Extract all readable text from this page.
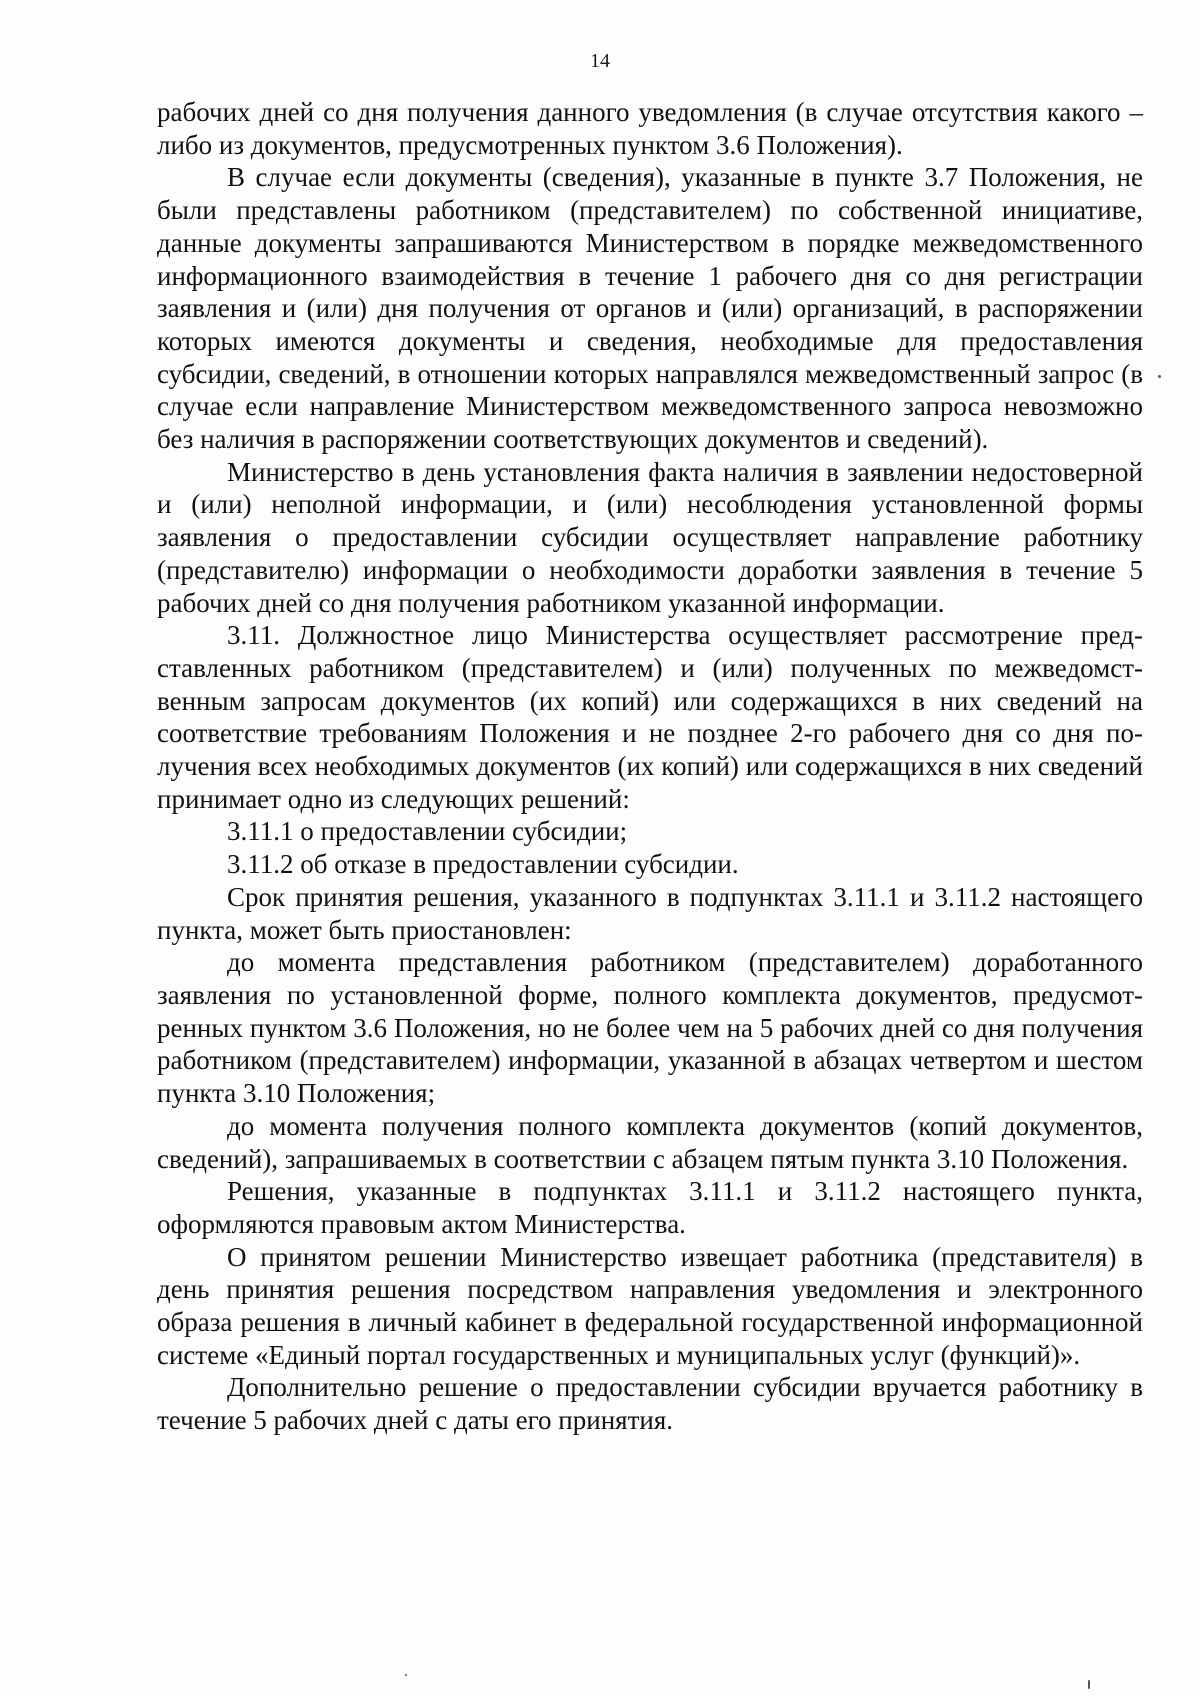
14

рабочих дней со дня получения данного уведомления (в случае отсутствия какого – либо из документов, предусмотренных пунктом 3.6 Положения).

В случае если документы (сведения), указанные в пункте 3.7 Положения, не были представлены работником (представителем) по собственной инициативе, данные документы запрашиваются Министерством в порядке межведомственного информационного взаимодействия в течение 1 рабочего дня со дня регистрации заявления и (или) дня получения от органов и (или) организаций, в распоряжении которых имеются документы и сведения, необходимые для предоставления субсидии, сведений, в отношении которых направлялся межведомственный запрос (в случае если направление Министерством межведомственного запроса невозможно без наличия в распоряжении соответствующих документов и сведений).

Министерство в день установления факта наличия в заявлении недостоверной и (или) неполной информации, и (или) несоблюдения установленной формы заявления о предоставлении субсидии осуществляет направление работнику (представителю) информации о необходимости доработки заявления в течение 5 рабочих дней со дня получения работником указанной информации.

3.11. Должностное лицо Министерства осуществляет рассмотрение представленных работником (представителем) и (или) полученных по межведомственным запросам документов (их копий) или содержащихся в них сведений на соответствие требованиям Положения и не позднее 2-го рабочего дня со дня получения всех необходимых документов (их копий) или содержащихся в них сведений принимает одно из следующих решений:

3.11.1 о предоставлении субсидии;

3.11.2 об отказе в предоставлении субсидии.

Срок принятия решения, указанного в подпунктах 3.11.1 и 3.11.2 настоящего пункта, может быть приостановлен:

до момента представления работником (представителем) доработанного заявления по установленной форме, полного комплекта документов, предусмотренных пунктом 3.6 Положения, но не более чем на 5 рабочих дней со дня получения работником (представителем) информации, указанной в абзацах четвертом и шестом пункта 3.10 Положения;

до момента получения полного комплекта документов (копий документов, сведений), запрашиваемых в соответствии с абзацем пятым пункта 3.10 Положения.

Решения, указанные в подпунктах 3.11.1 и 3.11.2 настоящего пункта, оформляются правовым актом Министерства.

О принятом решении Министерство извещает работника (представителя) в день принятия решения посредством направления уведомления и электронного образа решения в личный кабинет в федеральной государственной информационной системе «Единый портал государственных и муниципальных услуг (функций)».

Дополнительно решение о предоставлении субсидии вручается работнику в течение 5 рабочих дней с даты его принятия.
